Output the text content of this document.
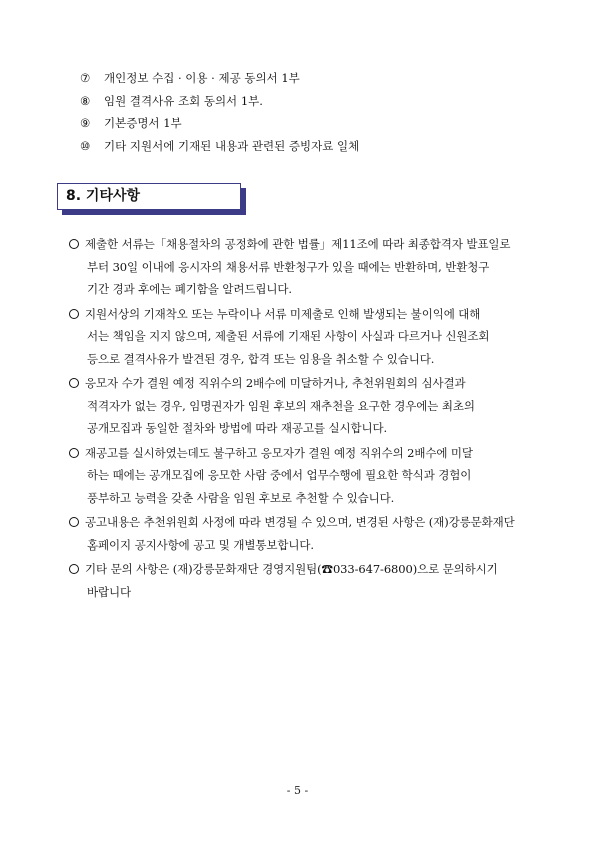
⑦	개인정보 수집 · 이용 · 제공 동의서 1부
⑧	임원 결격사유 조회 동의서 1부.
⑨	기본증명서 1부
⑩	기타 지원서에 기재된 내용과 관련된 증빙자료 일체
8. 기타사항
제출한 서류는「채용절차의 공정화에 관한 법률」제11조에 따라 최종합격자 발표일로
부터 30일 이내에 응시자의 채용서류 반환청구가 있을 때에는 반환하며, 반환청구
기간 경과 후에는 폐기함을 알려드립니다.
지원서상의 기재착오 또는 누락이나 서류 미제출로 인해 발생되는 불이익에 대해
서는 책임을 지지 않으며, 제출된 서류에 기재된 사항이 사실과 다르거나 신원조회
등으로 결격사유가 발견된 경우, 합격 또는 임용을 취소할 수 있습니다.
응모자 수가 결원 예정 직위수의 2배수에 미달하거나, 추천위원회의 심사결과
적격자가 없는 경우, 임명권자가 임원 후보의 재추천을 요구한 경우에는 최초의
공개모집과 동일한 절차와 방법에 따라 재공고를 실시합니다.
재공고를 실시하였는데도 불구하고 응모자가 결원 예정 직위수의 2배수에 미달
하는 때에는 공개모집에 응모한 사람 중에서 업무수행에 필요한 학식과 경험이
풍부하고 능력을 갖춘 사람을 임원 후보로 추천할 수 있습니다.
공고내용은 추천위원회 사정에 따라 변경될 수 있으며, 변경된 사항은 (재)강릉문화재단
홈페이지 공지사항에 공고 및 개별통보합니다.
기타 문의 사항은 (재)강릉문화재단 경영지원팀(☎033-647-6800)으로 문의하시기
바랍니다
- 5 -
